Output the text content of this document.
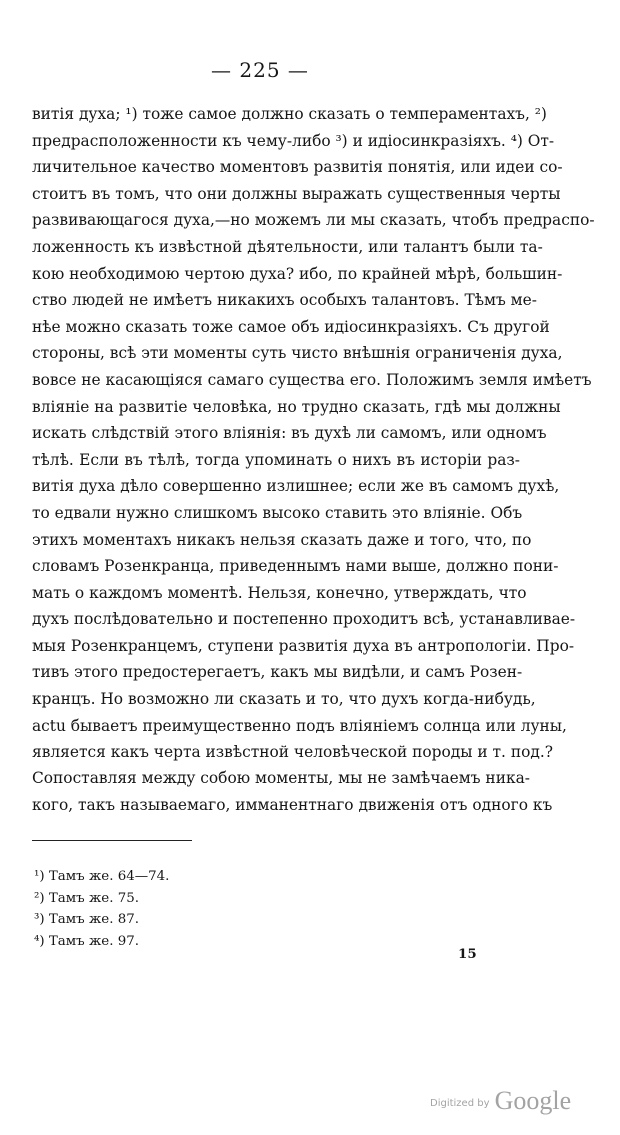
— 225 —
витія духа; ¹) тоже самое должно сказать о темпераментахъ, ²)
предрасположенности къ чему-либо ³) и идіосинкразіяхъ. ⁴) От-
личительное качество моментовъ развитія понятія, или идеи со-
стоитъ въ томъ, что они должны выражать существенныя черты
развивающагося духа,—но можемъ ли мы сказать, чтобъ предраспо-
ложенность къ извѣстной дѣятельности, или талантъ были та-
кою необходимою чертою духа? ибо, по крайней мѣрѣ, большин-
ство людей не имѣетъ никакихъ особыхъ талантовъ. Тѣмъ ме-
нѣе можно сказать тоже самое объ идіосинкразіяхъ. Съ другой
стороны, всѣ эти моменты суть чисто внѣшнія ограниченія духа,
вовсе не касающіяся самаго существа его. Положимъ земля имѣетъ
вліяніе на развитіе человѣка, но трудно сказать, гдѣ мы должны
искать слѣдствій этого вліянія: въ духѣ ли самомъ, или одномъ
тѣлѣ. Если въ тѣлѣ, тогда упоминать о нихъ въ исторіи раз-
витія духа дѣло совершенно излишнее; если же въ самомъ духѣ,
то едвали нужно слишкомъ высоко ставить это вліяніе. Объ
этихъ моментахъ никакъ нельзя сказать даже и того, что, по
словамъ Розенкранца, приведеннымъ нами выше, должно пони-
мать о каждомъ моментѣ. Нельзя, конечно, утверждать, что
духъ послѣдовательно и постепенно проходитъ всѣ, устанавливае-
мыя Розенкранцемъ, ступени развитія духа въ антропологіи. Про-
тивъ этого предостерегаетъ, какъ мы видѣли, и самъ Розен-
кранцъ. Но возможно ли сказать и то, что духъ когда-нибудь,
actu бываетъ преимущественно подъ вліяніемъ солнца или луны,
является какъ черта извѣстной человѣческой породы и т. под.?
Сопоставляя между собою моменты, мы не замѣчаемъ ника-
кого, такъ называемаго, имманентнаго движенія отъ одного къ
¹) Тамъ же. 64—74.
²) Тамъ же. 75.
³) Тамъ же. 87.
⁴) Тамъ же. 97.
15
Digitized by Google
